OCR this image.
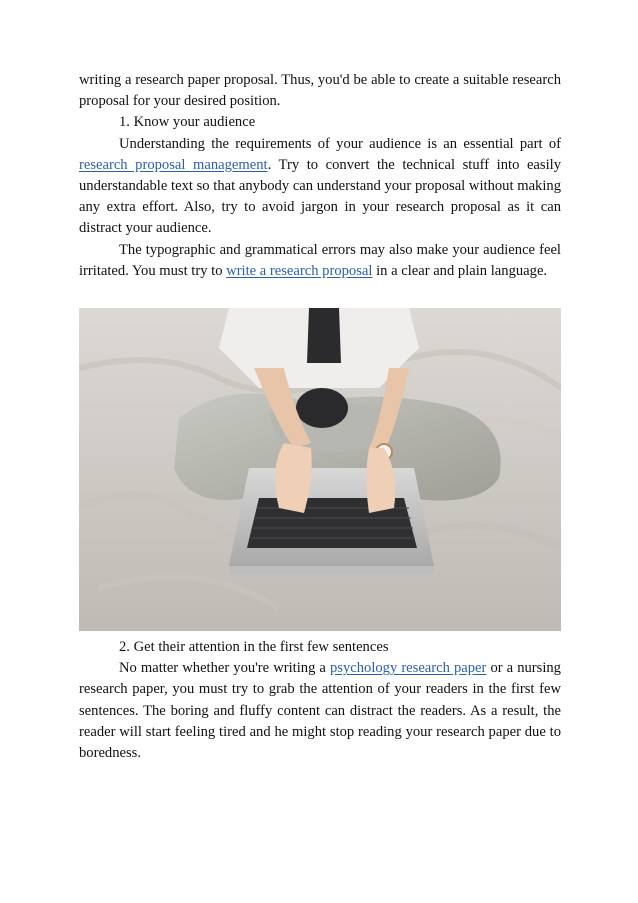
writing a research paper proposal. Thus, you'd be able to create a suitable research proposal for your desired position.

1. Know your audience

Understanding the requirements of your audience is an essential part of research proposal management. Try to convert the technical stuff into easily understandable text so that anybody can understand your proposal without making any extra effort. Also, try to avoid jargon in your research proposal as it can distract your audience.

The typographic and grammatical errors may also make your audience feel irritated. You must try to write a research proposal in a clear and plain language.

2. Get their attention in the first few sentences

No matter whether you're writing a psychology research paper or a nursing research paper, you must try to grab the attention of your readers in the first few sentences. The boring and fluffy content can distract the readers. As a result, the reader will start feeling tired and he might stop reading your research paper due to boredness.
